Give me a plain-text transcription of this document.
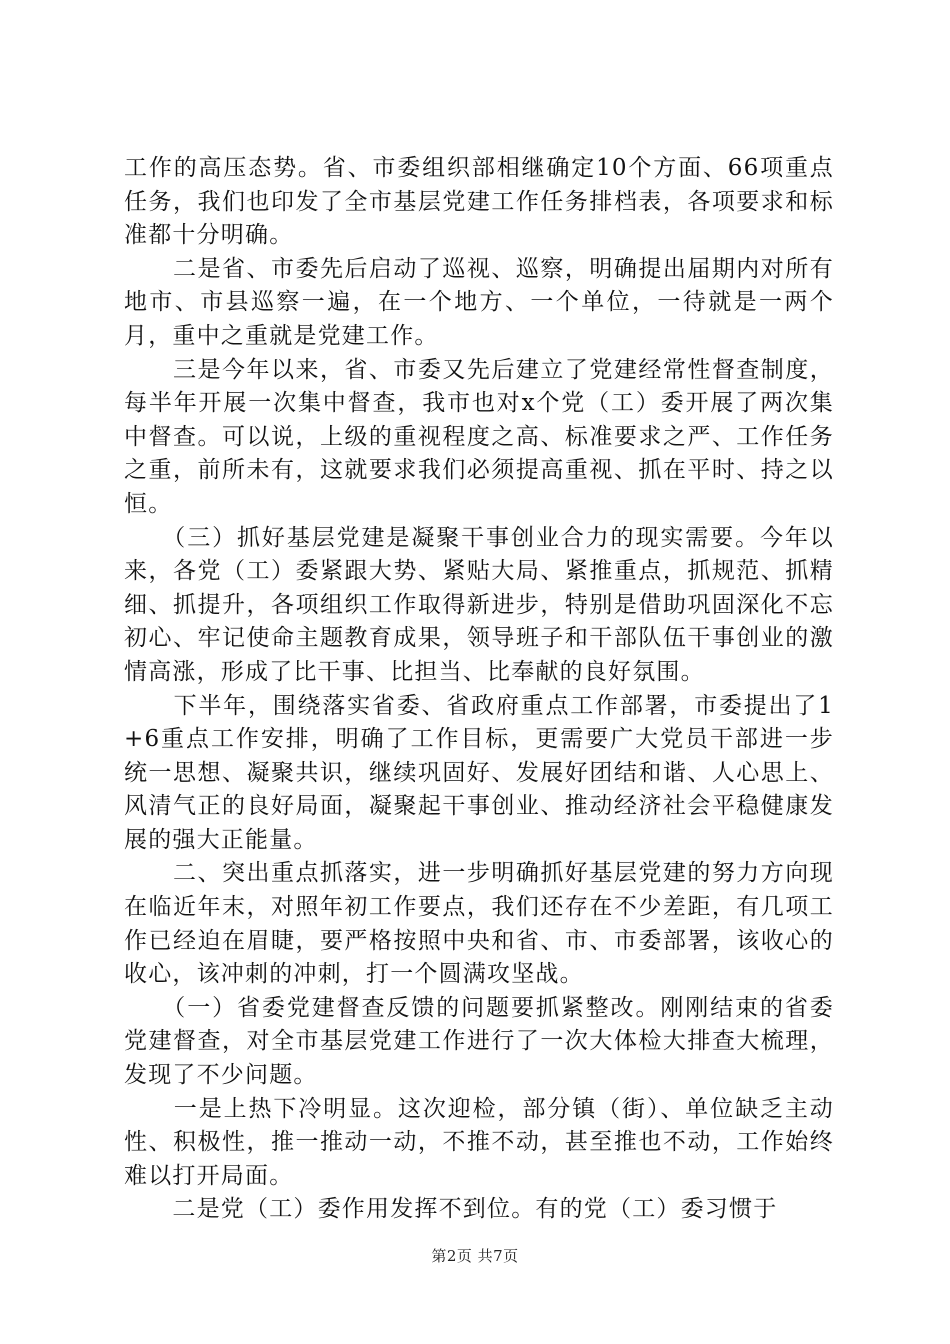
工作的高压态势。省、市委组织部相继确定10个方面、66项重点任务，我们也印发了全市基层党建工作任务排档表，各项要求和标准都十分明确。

　　二是省、市委先后启动了巡视、巡察，明确提出届期内对所有地市、市县巡察一遍，在一个地方、一个单位，一待就是一两个月，重中之重就是党建工作。

　　三是今年以来，省、市委又先后建立了党建经常性督查制度，每半年开展一次集中督查，我市也对x个党（工）委开展了两次集中督查。可以说，上级的重视程度之高、标准要求之严、工作任务之重，前所未有，这就要求我们必须提高重视、抓在平时、持之以恒。

　　（三）抓好基层党建是凝聚干事创业合力的现实需要。今年以来，各党（工）委紧跟大势、紧贴大局、紧推重点，抓规范、抓精细、抓提升，各项组织工作取得新进步，特别是借助巩固深化不忘初心、牢记使命主题教育成果，领导班子和干部队伍干事创业的激情高涨，形成了比干事、比担当、比奉献的良好氛围。

　　下半年，围绕落实省委、省政府重点工作部署，市委提出了1+6重点工作安排，明确了工作目标，更需要广大党员干部进一步统一思想、凝聚共识，继续巩固好、发展好团结和谐、人心思上、风清气正的良好局面，凝聚起干事创业、推动经济社会平稳健康发展的强大正能量。

　　二、突出重点抓落实，进一步明确抓好基层党建的努力方向现在临近年末，对照年初工作要点，我们还存在不少差距，有几项工作已经迫在眉睫，要严格按照中央和省、市、市委部署，该收心的收心，该冲刺的冲刺，打一个圆满攻坚战。

　　（一）省委党建督查反馈的问题要抓紧整改。刚刚结束的省委党建督查，对全市基层党建工作进行了一次大体检大排查大梳理，发现了不少问题。

　　一是上热下冷明显。这次迎检，部分镇（街）、单位缺乏主动性、积极性，推一推动一动，不推不动，甚至推也不动，工作始终难以打开局面。

　　二是党（工）委作用发挥不到位。有的党（工）委习惯于

第2页 共7页
